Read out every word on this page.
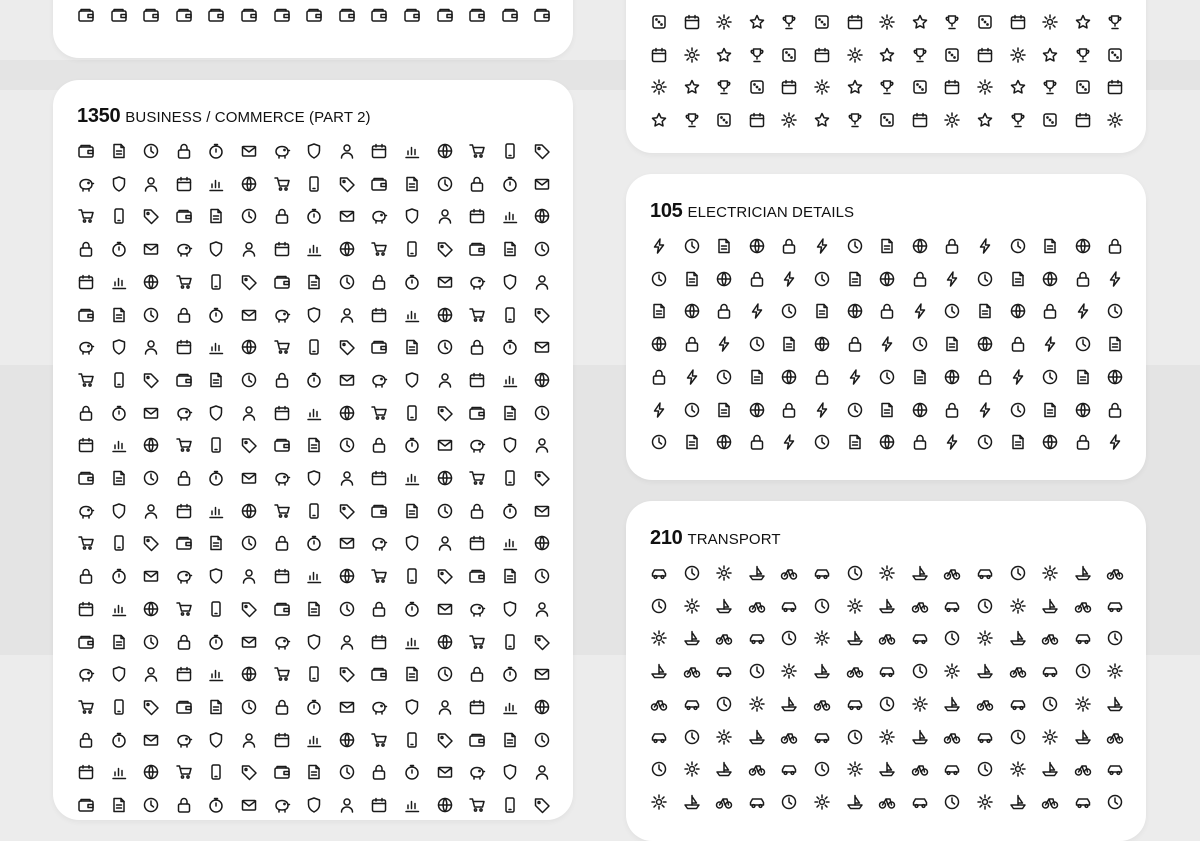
1350 BUSINESS / COMMERCE (PART 2)
105 ELECTRICIAN DETAILS
210 TRANSPORT
